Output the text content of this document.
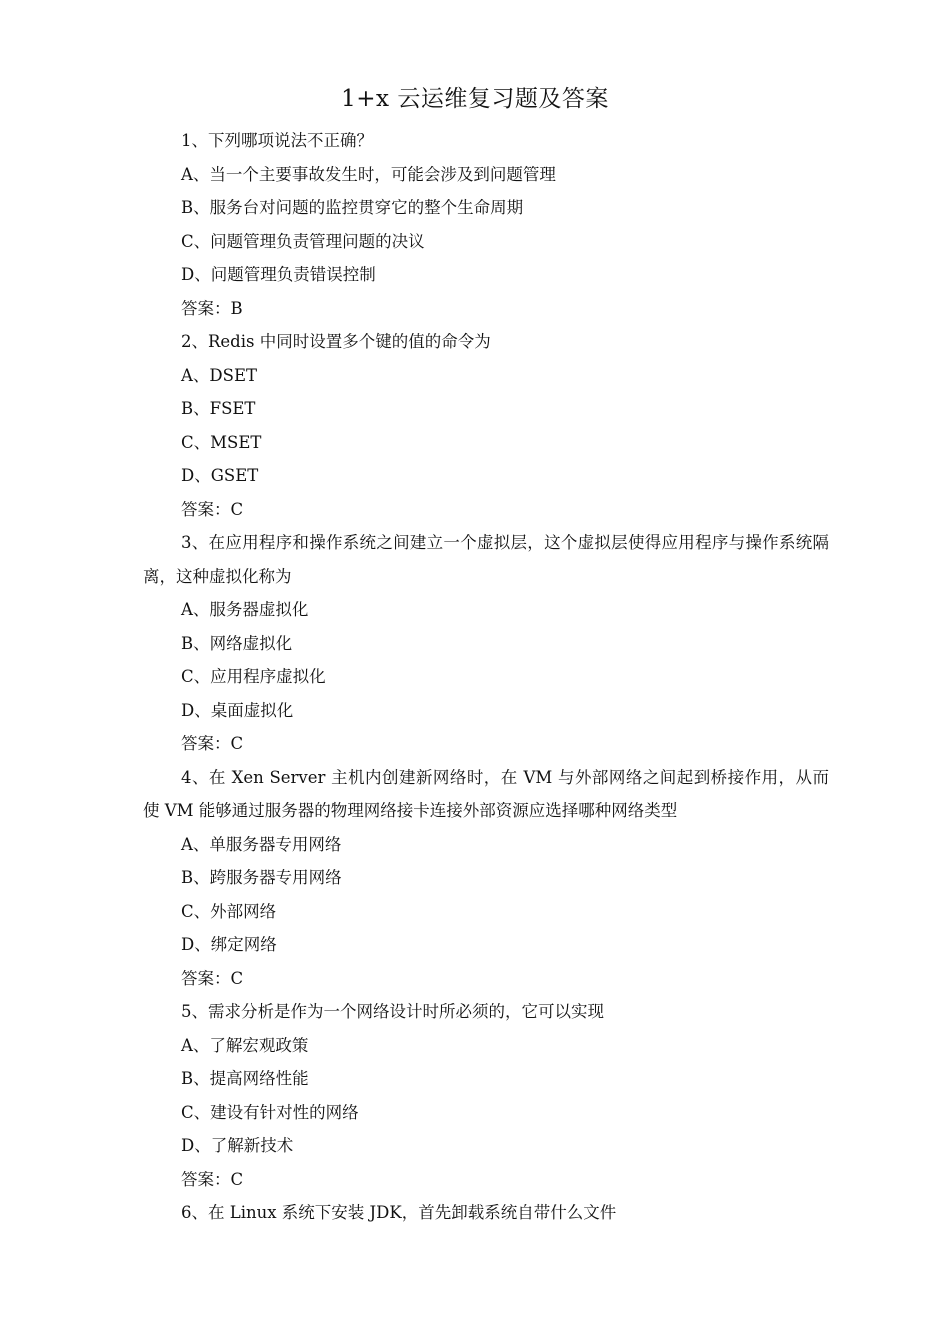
1+x 云运维复习题及答案
1、下列哪项说法不正确？
A、当一个主要事故发生时，可能会涉及到问题管理
B、服务台对问题的监控贯穿它的整个生命周期
C、问题管理负责管理问题的决议
D、问题管理负责错误控制
答案：B
2、Redis 中同时设置多个键的值的命令为
A、DSET
B、FSET
C、MSET
D、GSET
答案：C
3、在应用程序和操作系统之间建立一个虚拟层，这个虚拟层使得应用程序与操作系统隔离，这种虚拟化称为
A、服务器虚拟化
B、网络虚拟化
C、应用程序虚拟化
D、桌面虚拟化
答案：C
4、在 Xen Server 主机内创建新网络时，在 VM 与外部网络之间起到桥接作用，从而使 VM 能够通过服务器的物理网络接卡连接外部资源应选择哪种网络类型
A、单服务器专用网络
B、跨服务器专用网络
C、外部网络
D、绑定网络
答案：C
5、需求分析是作为一个网络设计时所必须的，它可以实现
A、了解宏观政策
B、提高网络性能
C、建设有针对性的网络
D、了解新技术
答案：C
6、在 Linux 系统下安装 JDK，首先卸载系统自带什么文件
